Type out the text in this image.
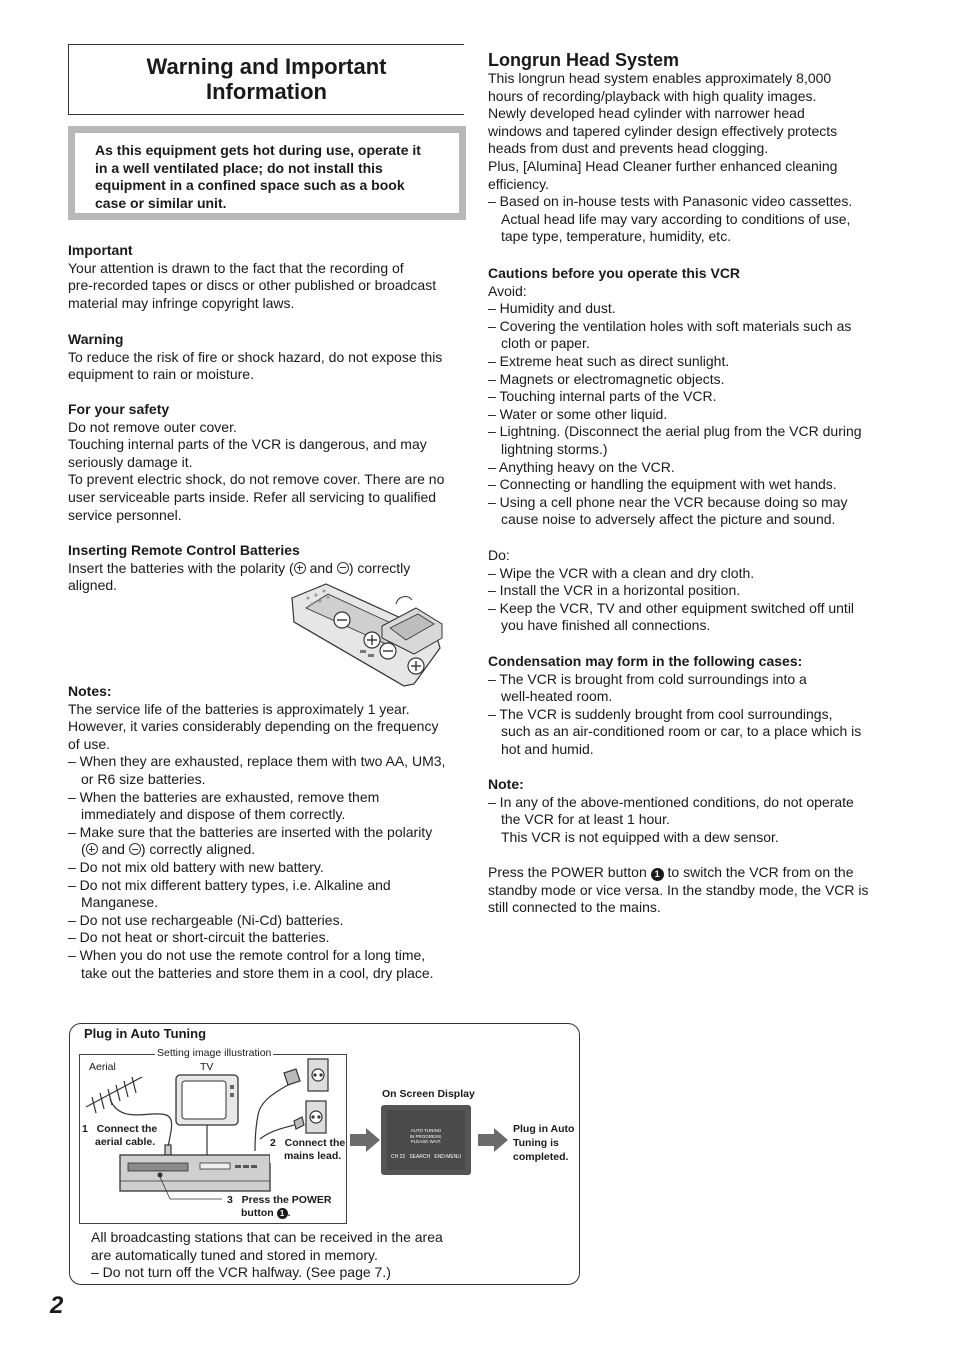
Warning and Important
Information

As this equipment gets hot during use, operate it

in a well ventilated place; do not install this

equipment in a confined space such as a book

case or similar unit.

Important

Your attention is drawn to the fact that the recording of

pre-recorded tapes or discs or other published or broadcast

material may infringe copyright laws.

Warning

To reduce the risk of fire or shock hazard, do not expose this

equipment to rain or moisture.

For your safety

Do not remove outer cover.

Touching internal parts of the VCR is dangerous, and may

seriously damage it.

To prevent electric shock, do not remove cover. There are no

user serviceable parts inside. Refer all servicing to qualified

service personnel.

Inserting Remote Control Batteries

Insert the batteries with the polarity ( and ) correctly

aligned.

Notes:

The service life of the batteries is approximately 1 year.

However, it varies considerably depending on the frequency

of use.

– When they are exhausted, replace them with two AA, UM3,
or R6 size batteries.

– When the batteries are exhausted, remove them
immediately and dispose of them correctly.

– Make sure that the batteries are inserted with the polarity
( and ) correctly aligned.

– Do not mix old battery with new battery.

– Do not mix different battery types, i.e. Alkaline and
Manganese.

– Do not use rechargeable (Ni-Cd) batteries.

– Do not heat or short-circuit the batteries.

– When you do not use the remote control for a long time,
take out the batteries and store them in a cool, dry place.

Longrun Head System

This longrun head system enables approximately 8,000

hours of recording/playback with high quality images.

Newly developed head cylinder with narrower head

windows and tapered cylinder design effectively protects

heads from dust and prevents head clogging.

Plus, [Alumina] Head Cleaner further enhanced cleaning

efficiency.

– Based on in-house tests with Panasonic video cassettes.
Actual head life may vary according to conditions of use,
tape type, temperature, humidity, etc.

Cautions before you operate this VCR

Avoid:

– Humidity and dust.

– Covering the ventilation holes with soft materials such as
cloth or paper.

– Extreme heat such as direct sunlight.

– Magnets or electromagnetic objects.

– Touching internal parts of the VCR.

– Water or some other liquid.

– Lightning. (Disconnect the aerial plug from the VCR during
lightning storms.)

– Anything heavy on the VCR.

– Connecting or handling the equipment with wet hands.

– Using a cell phone near the VCR because doing so may
cause noise to adversely affect the picture and sound.

Do:

– Wipe the VCR with a clean and dry cloth.

– Install the VCR in a horizontal position.

– Keep the VCR, TV and other equipment switched off until
you have finished all connections.

Condensation may form in the following cases:

– The VCR is brought from cold surroundings into a
well-heated room.

– The VCR is suddenly brought from cool surroundings,
such as an air-conditioned room or car, to a place which is
hot and humid.

Note:

– In any of the above-mentioned conditions, do not operate
the VCR for at least 1 hour.
This VCR is not equipped with a dew sensor.

Press the POWER button 1 to switch the VCR from on the

standby mode or vice versa. In the standby mode, the VCR is

still connected to the mains.

Plug in Auto Tuning
Setting image illustration
Aerial	TV
1 Connect the
aerial cable.	2 Connect the
mains lead.
3 Press the POWER
button 1 .
On Screen Display
AUTO TUNING
IN PROGRESS.
PLEASE WAIT.
CH 22 SEARCH END:MENU
Plug in Auto
Tuning is
completed.

All broadcasting stations that can be received in the area

are automatically tuned and stored in memory.

– Do not turn off the VCR halfway. (See page 7.)

2
